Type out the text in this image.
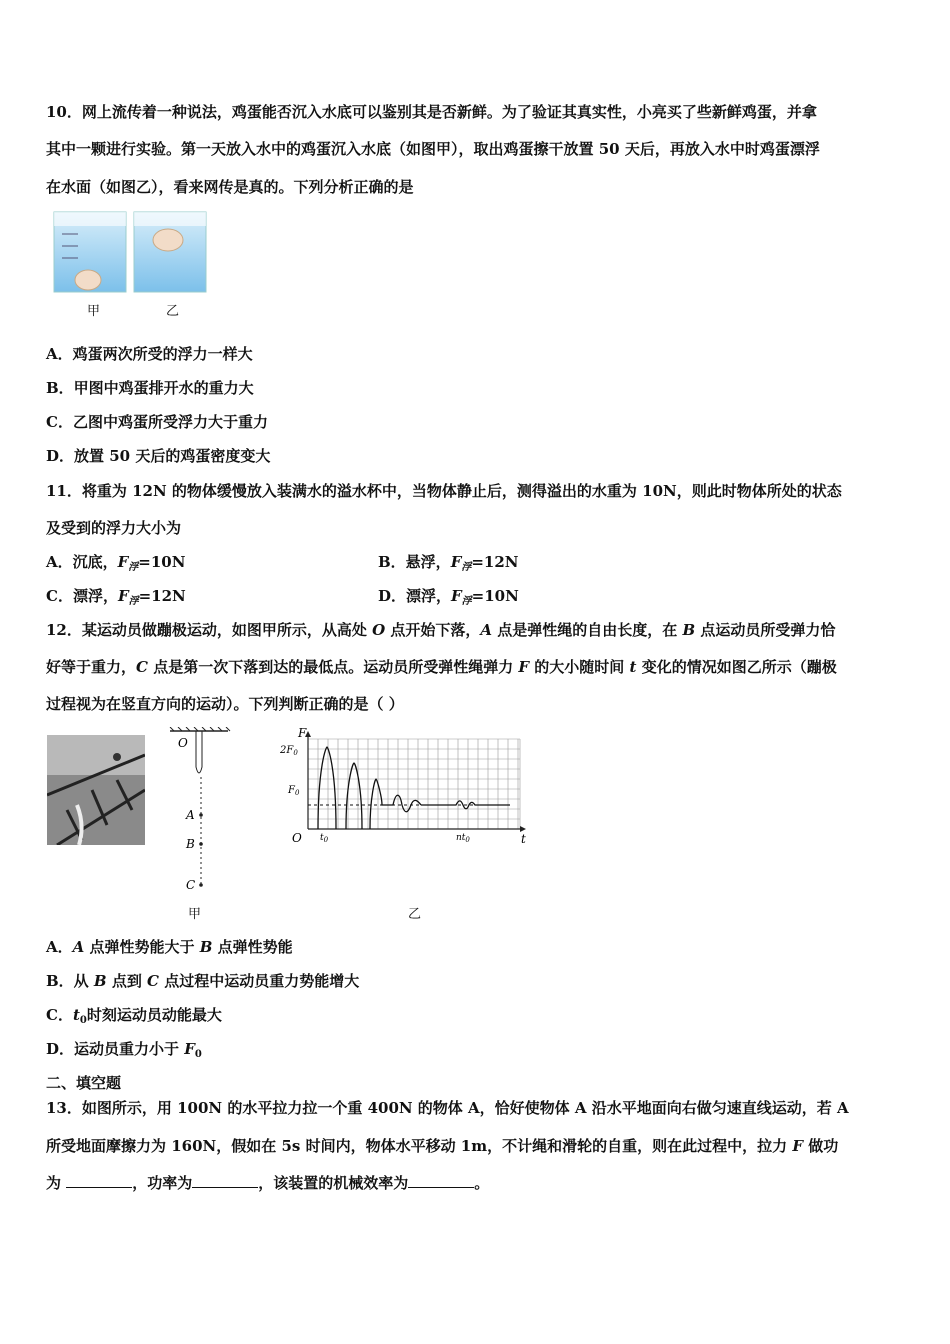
10．网上流传着一种说法，鸡蛋能否沉入水底可以鉴别其是否新鲜。为了验证其真实性，小亮买了些新鲜鸡蛋，并拿
其中一颗进行实验。第一天放入水中的鸡蛋沉入水底（如图甲），取出鸡蛋擦干放置 50 天后，再放入水中时鸡蛋漂浮
在水面（如图乙），看来网传是真的。下列分析正确的是
甲	乙
A．鸡蛋两次所受的浮力一样大
B．甲图中鸡蛋排开水的重力大
C．乙图中鸡蛋所受浮力大于重力
D．放置 50 天后的鸡蛋密度变大
11．将重为 12N 的物体缓慢放入装满水的溢水杯中，当物体静止后，测得溢出的水重为 10N，则此时物体所处的状态
及受到的浮力大小为
A．沉底，$F_浮=10N$	B．悬浮，$F_浮=12N$
C．漂浮，$F_浮=12N$	D．漂浮，$F_浮=10N$
12．某运动员做蹦极运动，如图甲所示，从高处 O 点开始下落，A 点是弹性绳的自由长度，在 B 点运动员所受弹力恰
好等于重力，C 点是第一次下落到达的最低点。运动员所受弹性绳弹力 F 的大小随时间 t 变化的情况如图乙所示（蹦极
过程视为在竖直方向的运动）。下列判断正确的是（ ）
O
A
B
C
甲
F
t
O
$2F_0$
$F_0$
$t_0$	$nt_0$
乙
A．A 点弹性势能大于 B 点弹性势能
B．从 B 点到 C 点过程中运动员重力势能增大
C．$t_0$时刻运动员动能最大
D．运动员重力小于 $F_0$
二、填空题
13．如图所示，用 100N 的水平拉力拉一个重 400N 的物体 A，恰好使物体 A 沿水平地面向右做匀速直线运动，若 A
所受地面摩擦力为 160N，假如在 5s 时间内，物体水平移动 1m，不计绳和滑轮的自重，则在此过程中，拉力 F 做功
为	，功率为	，该装置的机械效率为	。
